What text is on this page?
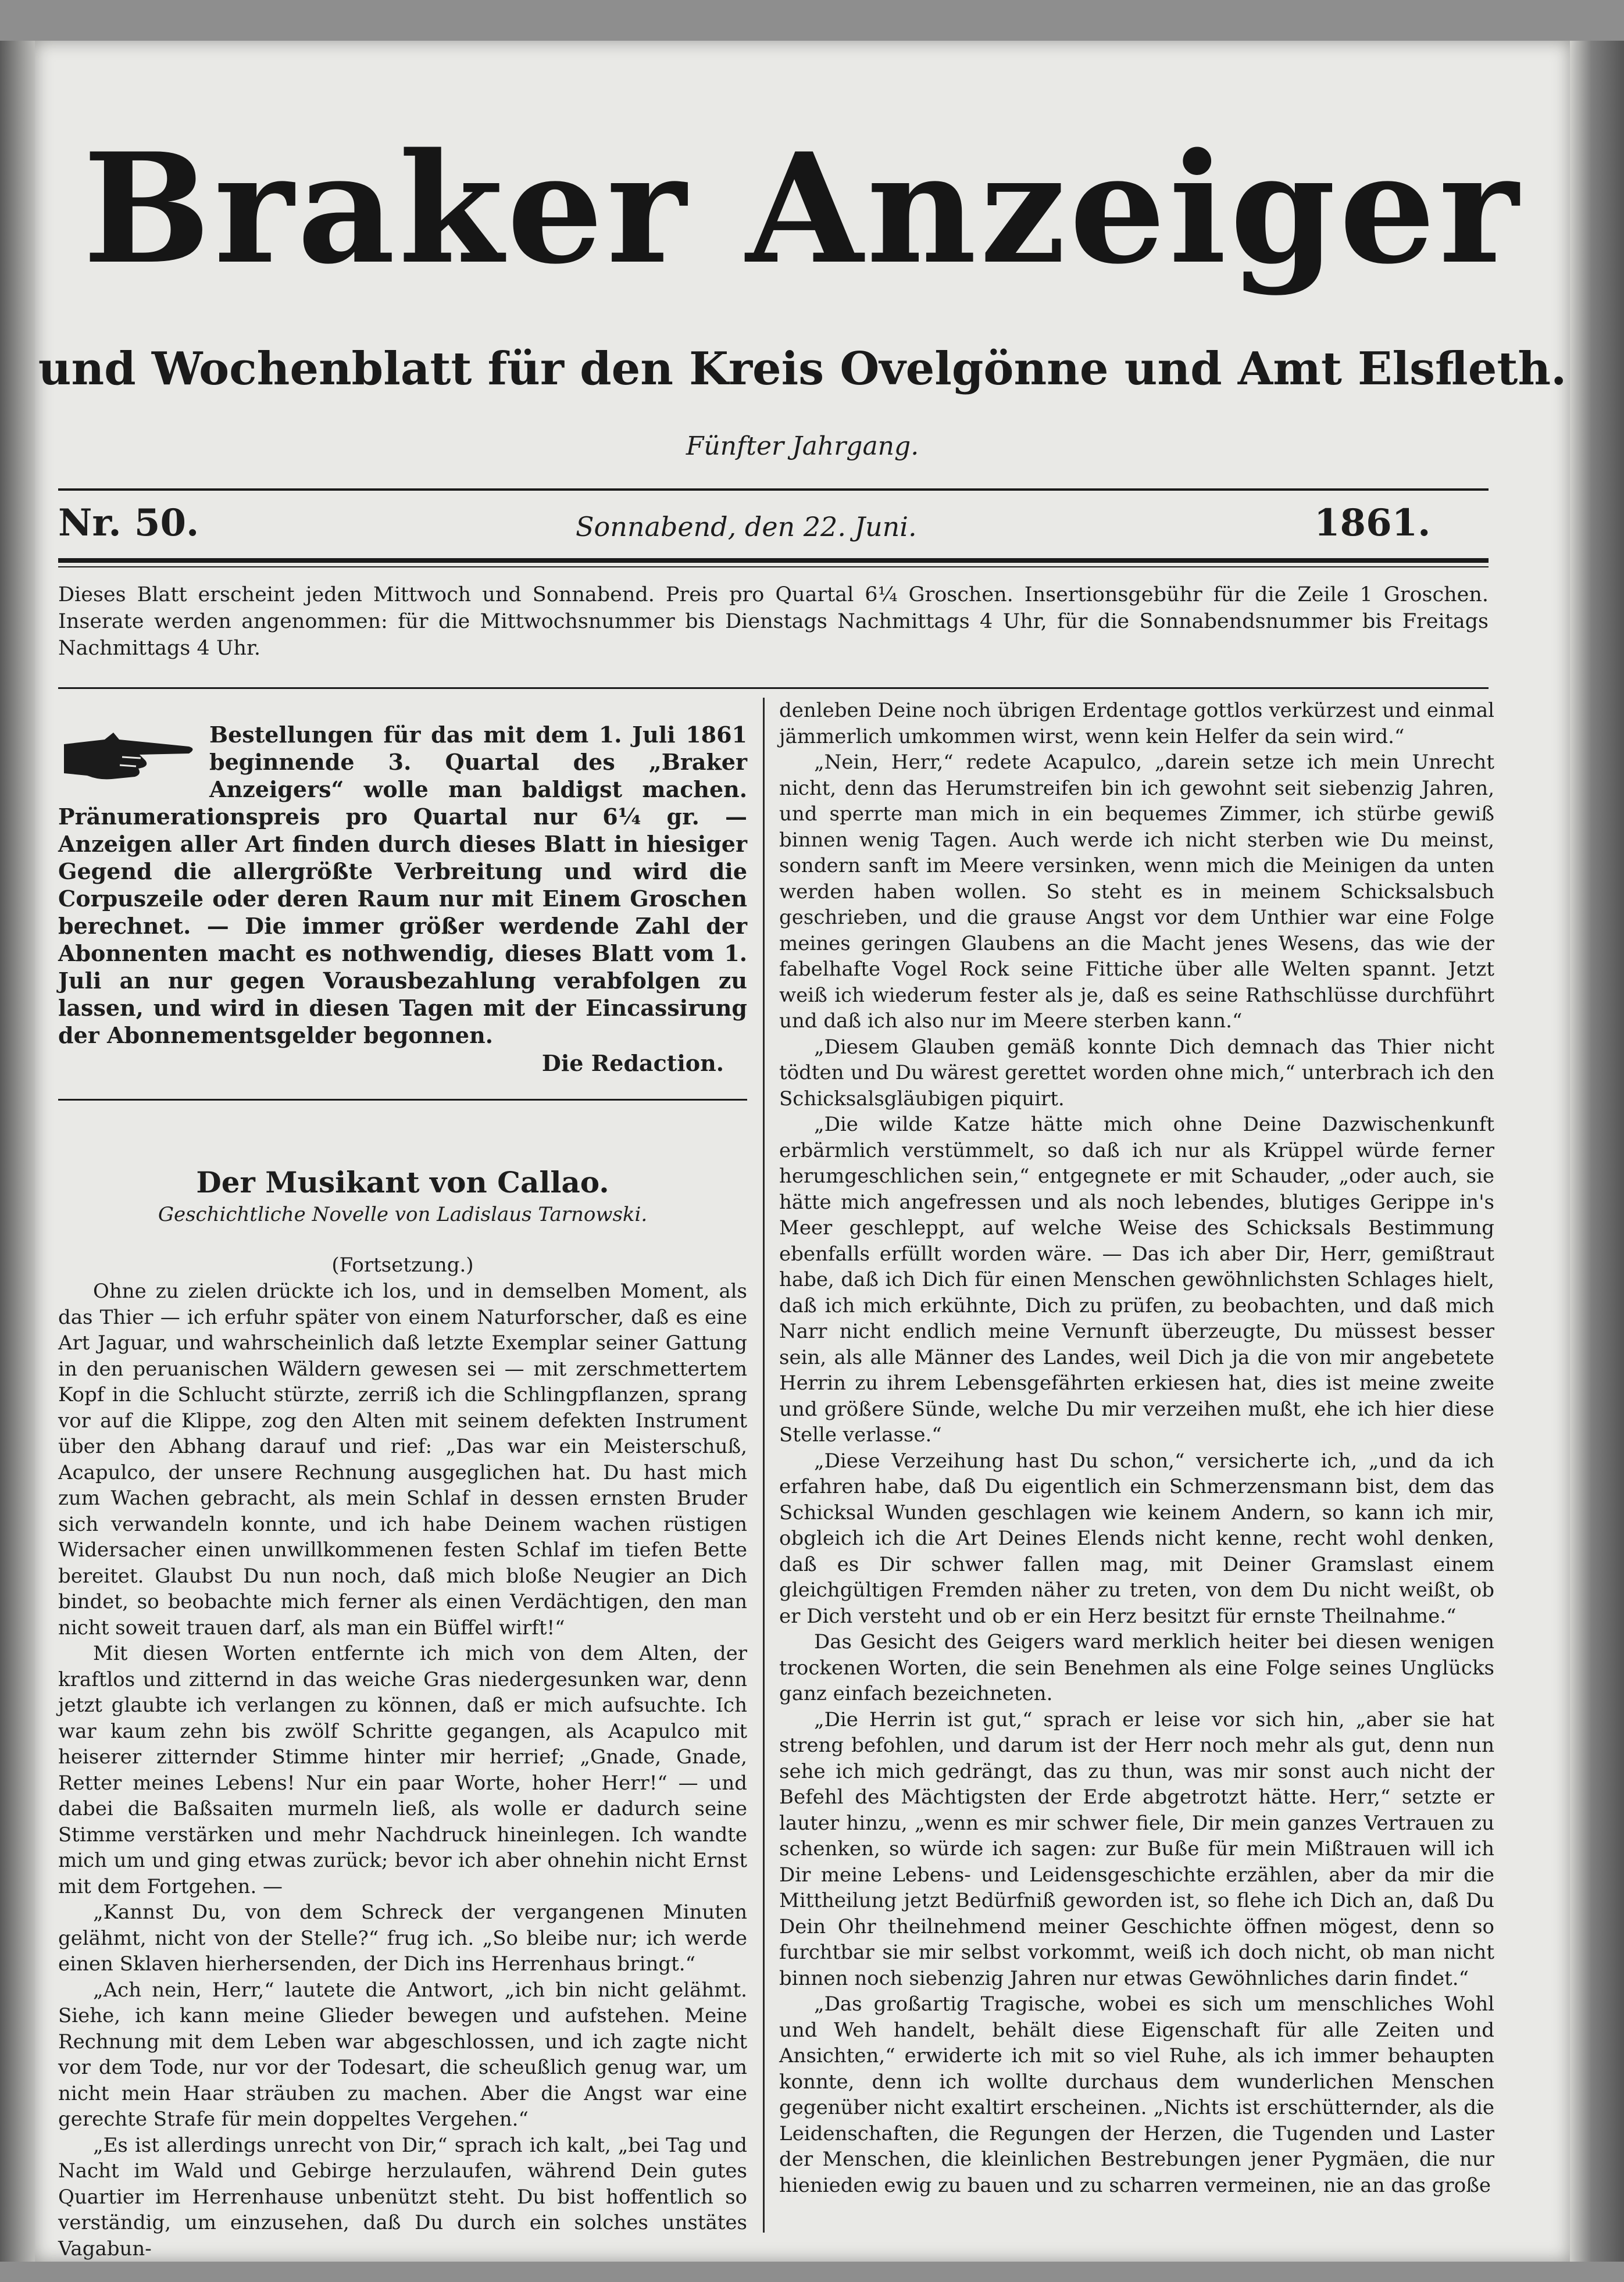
Braker Anzeiger
und Wochenblatt für den Kreis Ovelgönne und Amt Elsfleth.
Fünfter Jahrgang.
Nr. 50.	Sonnabend, den 22. Juni.	1861.
Dieses Blatt erscheint jeden Mittwoch und Sonnabend. Preis pro Quartal 6¼ Groschen. Insertionsgebühr für die Zeile 1 Groschen. Inserate werden angenommen: für die Mittwochsnummer bis Dienstags Nachmittags 4 Uhr, für die Sonnabendsnummer bis Freitags Nachmittags 4 Uhr.
Bestellungen für das mit dem 1. Juli 1861 beginnende 3. Quartal des „Braker Anzeigers“ wolle man baldigst machen. Pränumerationspreis pro Quartal nur 6¼ gr. — Anzeigen aller Art finden durch dieses Blatt in hiesiger Gegend die allergrößte Verbreitung und wird die Corpuszeile oder deren Raum nur mit Einem Groschen berechnet. — Die immer größer werdende Zahl der Abonnenten macht es nothwendig, dieses Blatt vom 1. Juli an nur gegen Vorausbezahlung verabfolgen zu lassen, und wird in diesen Tagen mit der Eincassirung der Abonnementsgelder begonnen.
Die Redaction.
Der Musikant von Callao.
Geschichtliche Novelle von Ladislaus Tarnowski.
(Fortsetzung.)

Ohne zu zielen drückte ich los, und in demselben Moment, als das Thier — ich erfuhr später von einem Naturforscher, daß es eine Art Jaguar, und wahrscheinlich daß letzte Exemplar seiner Gattung in den peruanischen Wäldern gewesen sei — mit zerschmettertem Kopf in die Schlucht stürzte, zerriß ich die Schlingpflanzen, sprang vor auf die Klippe, zog den Alten mit seinem defekten Instrument über den Abhang darauf und rief: „Das war ein Meisterschuß, Acapulco, der unsere Rechnung ausgeglichen hat. Du hast mich zum Wachen gebracht, als mein Schlaf in dessen ernsten Bruder sich verwandeln konnte, und ich habe Deinem wachen rüstigen Widersacher einen unwillkommenen festen Schlaf im tiefen Bette bereitet. Glaubst Du nun noch, daß mich bloße Neugier an Dich bindet, so beobachte mich ferner als einen Verdächtigen, den man nicht soweit trauen darf, als man ein Büffel wirft!“

Mit diesen Worten entfernte ich mich von dem Alten, der kraftlos und zitternd in das weiche Gras niedergesunken war, denn jetzt glaubte ich verlangen zu können, daß er mich aufsuchte. Ich war kaum zehn bis zwölf Schritte gegangen, als Acapulco mit heiserer zitternder Stimme hinter mir herrief; „Gnade, Gnade, Retter meines Lebens! Nur ein paar Worte, hoher Herr!“ — und dabei die Baßsaiten murmeln ließ, als wolle er dadurch seine Stimme verstärken und mehr Nachdruck hineinlegen. Ich wandte mich um und ging etwas zurück; bevor ich aber ohnehin nicht Ernst mit dem Fortgehen. —

„Kannst Du, von dem Schreck der vergangenen Minuten gelähmt, nicht von der Stelle?“ frug ich. „So bleibe nur; ich werde einen Sklaven hierhersenden, der Dich ins Herrenhaus bringt.“

„Ach nein, Herr,“ lautete die Antwort, „ich bin nicht gelähmt. Siehe, ich kann meine Glieder bewegen und aufstehen. Meine Rechnung mit dem Leben war abgeschlossen, und ich zagte nicht vor dem Tode, nur vor der Todesart, die scheußlich genug war, um nicht mein Haar sträuben zu machen. Aber die Angst war eine gerechte Strafe für mein doppeltes Vergehen.“

„Es ist allerdings unrecht von Dir,“ sprach ich kalt, „bei Tag und Nacht im Wald und Gebirge herzulaufen, während Dein gutes Quartier im Herrenhause unbenützt steht. Du bist hoffentlich so verständig, um einzusehen, daß Du durch ein solches unstätes Vagabun-

denleben Deine noch übrigen Erdentage gottlos verkürzest und einmal jämmerlich umkommen wirst, wenn kein Helfer da sein wird.“

„Nein, Herr,“ redete Acapulco, „darein setze ich mein Unrecht nicht, denn das Herumstreifen bin ich gewohnt seit siebenzig Jahren, und sperrte man mich in ein bequemes Zimmer, ich stürbe gewiß binnen wenig Tagen. Auch werde ich nicht sterben wie Du meinst, sondern sanft im Meere versinken, wenn mich die Meinigen da unten werden haben wollen. So steht es in meinem Schicksalsbuch geschrieben, und die grause Angst vor dem Unthier war eine Folge meines geringen Glaubens an die Macht jenes Wesens, das wie der fabelhafte Vogel Rock seine Fittiche über alle Welten spannt. Jetzt weiß ich wiederum fester als je, daß es seine Rathschlüsse durchführt und daß ich also nur im Meere sterben kann.“

„Diesem Glauben gemäß konnte Dich demnach das Thier nicht tödten und Du wärest gerettet worden ohne mich,“ unterbrach ich den Schicksalsgläubigen piquirt.

„Die wilde Katze hätte mich ohne Deine Dazwischenkunft erbärmlich verstümmelt, so daß ich nur als Krüppel würde ferner herumgeschlichen sein,“ entgegnete er mit Schauder, „oder auch, sie hätte mich angefressen und als noch lebendes, blutiges Gerippe in's Meer geschleppt, auf welche Weise des Schicksals Bestimmung ebenfalls erfüllt worden wäre. — Das ich aber Dir, Herr, gemißtraut habe, daß ich Dich für einen Menschen gewöhnlichsten Schlages hielt, daß ich mich erkühnte, Dich zu prüfen, zu beobachten, und daß mich Narr nicht endlich meine Vernunft überzeugte, Du müssest besser sein, als alle Männer des Landes, weil Dich ja die von mir angebetete Herrin zu ihrem Lebensgefährten erkiesen hat, dies ist meine zweite und größere Sünde, welche Du mir verzeihen mußt, ehe ich hier diese Stelle verlasse.“

„Diese Verzeihung hast Du schon,“ versicherte ich, „und da ich erfahren habe, daß Du eigentlich ein Schmerzensmann bist, dem das Schicksal Wunden geschlagen wie keinem Andern, so kann ich mir, obgleich ich die Art Deines Elends nicht kenne, recht wohl denken, daß es Dir schwer fallen mag, mit Deiner Gramslast einem gleichgültigen Fremden näher zu treten, von dem Du nicht weißt, ob er Dich versteht und ob er ein Herz besitzt für ernste Theilnahme.“

Das Gesicht des Geigers ward merklich heiter bei diesen wenigen trockenen Worten, die sein Benehmen als eine Folge seines Unglücks ganz einfach bezeichneten.

„Die Herrin ist gut,“ sprach er leise vor sich hin, „aber sie hat streng befohlen, und darum ist der Herr noch mehr als gut, denn nun sehe ich mich gedrängt, das zu thun, was mir sonst auch nicht der Befehl des Mächtigsten der Erde abgetrotzt hätte. Herr,“ setzte er lauter hinzu, „wenn es mir schwer fiele, Dir mein ganzes Vertrauen zu schenken, so würde ich sagen: zur Buße für mein Mißtrauen will ich Dir meine Lebens- und Leidensgeschichte erzählen, aber da mir die Mittheilung jetzt Bedürfniß geworden ist, so flehe ich Dich an, daß Du Dein Ohr theilnehmend meiner Geschichte öffnen mögest, denn so furchtbar sie mir selbst vorkommt, weiß ich doch nicht, ob man nicht binnen noch siebenzig Jahren nur etwas Gewöhnliches darin findet.“

„Das großartig Tragische, wobei es sich um menschliches Wohl und Weh handelt, behält diese Eigenschaft für alle Zeiten und Ansichten,“ erwiderte ich mit so viel Ruhe, als ich immer behaupten konnte, denn ich wollte durchaus dem wunderlichen Menschen gegenüber nicht exaltirt erscheinen. „Nichts ist erschütternder, als die Leidenschaften, die Regungen der Herzen, die Tugenden und Laster der Menschen, die kleinlichen Bestrebungen jener Pygmäen, die nur hienieden ewig zu bauen und zu scharren vermeinen, nie an das große
